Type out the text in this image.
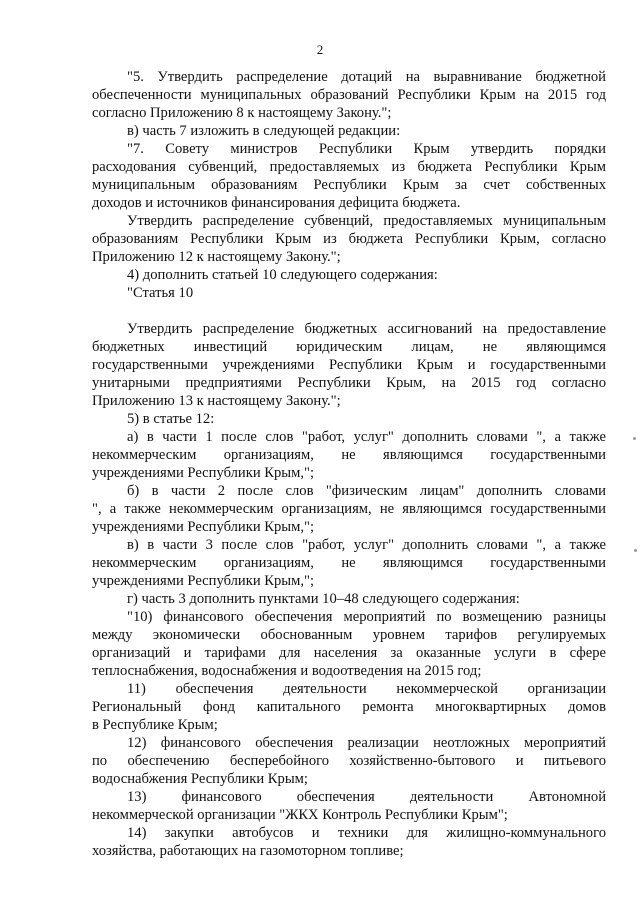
2
"5. Утвердить распределение дотаций на выравнивание бюджетной
обеспеченности муниципальных образований Республики Крым на 2015 год
согласно Приложению 8 к настоящему Закону.";
в) часть 7 изложить в следующей редакции:
"7. Совету министров Республики Крым утвердить порядки
расходования субвенций, предоставляемых из бюджета Республики Крым
муниципальным образованиям Республики Крым за счет собственных
доходов и источников финансирования дефицита бюджета.
Утвердить распределение субвенций, предоставляемых муниципальным
образованиям Республики Крым из бюджета Республики Крым, согласно
Приложению 12 к настоящему Закону.";
4) дополнить статьей 10 следующего содержания:
"Статья 10
Утвердить распределение бюджетных ассигнований на предоставление
бюджетных инвестиций юридическим лицам, не являющимся
государственными учреждениями Республики Крым и государственными
унитарными предприятиями Республики Крым, на 2015 год согласно
Приложению 13 к настоящему Закону.";
5) в статье 12:
а) в части 1 после слов "работ, услуг" дополнить словами ", а также
некоммерческим организациям, не являющимся государственными
учреждениями Республики Крым,";
б) в части 2 после слов "физическим лицам" дополнить словами
", а также некоммерческим организациям, не являющимся государственными
учреждениями Республики Крым,";
в) в части 3 после слов "работ, услуг" дополнить словами ", а также
некоммерческим организациям, не являющимся государственными
учреждениями Республики Крым,";
г) часть 3 дополнить пунктами 10–48 следующего содержания:
"10) финансового обеспечения мероприятий по возмещению разницы
между экономически обоснованным уровнем тарифов регулируемых
организаций и тарифами для населения за оказанные услуги в сфере
теплоснабжения, водоснабжения и водоотведения на 2015 год;
11) обеспечения деятельности некоммерческой организации
Региональный фонд капитального ремонта многоквартирных домов
в Республике Крым;
12) финансового обеспечения реализации неотложных мероприятий
по обеспечению бесперебойного хозяйственно-бытового и питьевого
водоснабжения Республики Крым;
13) финансового обеспечения деятельности Автономной
некоммерческой организации "ЖКХ Контроль Республики Крым";
14) закупки автобусов и техники для жилищно-коммунального
хозяйства, работающих на газомоторном топливе;
